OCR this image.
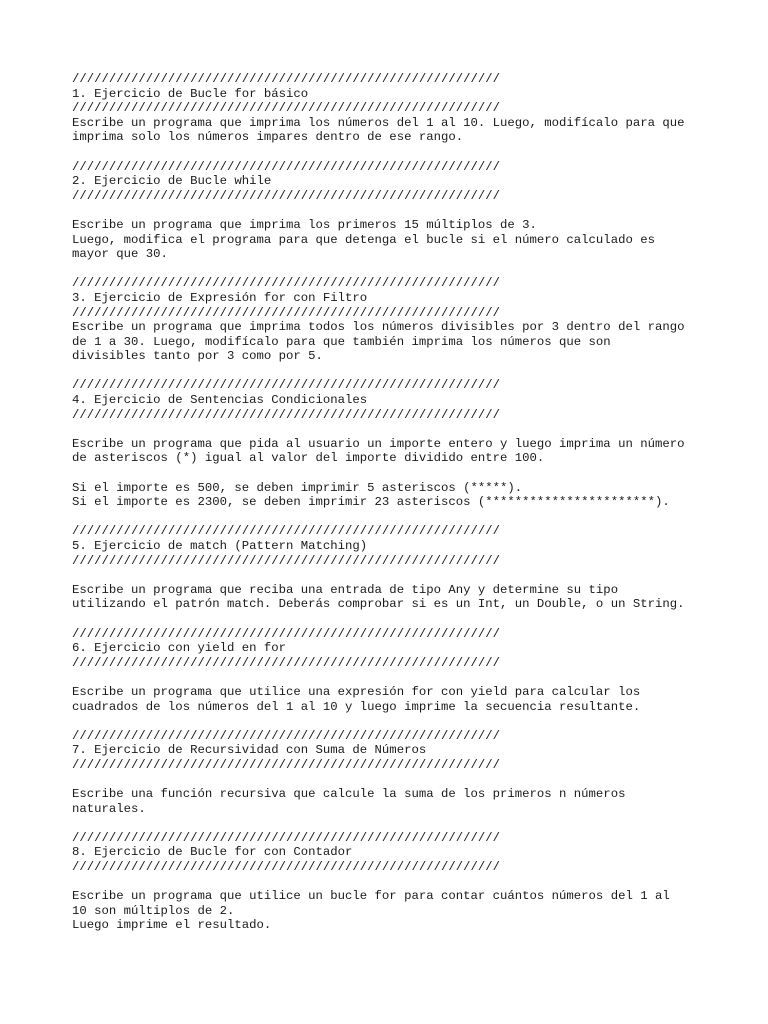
//////////////////////////////////////////////////////////
1. Ejercicio de Bucle for básico
//////////////////////////////////////////////////////////
Escribe un programa que imprima los números del 1 al 10. Luego, modifícalo para que
imprima solo los números impares dentro de ese rango.
//////////////////////////////////////////////////////////
2. Ejercicio de Bucle while
//////////////////////////////////////////////////////////
Escribe un programa que imprima los primeros 15 múltiplos de 3.
Luego, modifica el programa para que detenga el bucle si el número calculado es
mayor que 30.
//////////////////////////////////////////////////////////
3. Ejercicio de Expresión for con Filtro
//////////////////////////////////////////////////////////
Escribe un programa que imprima todos los números divisibles por 3 dentro del rango
de 1 a 30. Luego, modifícalo para que también imprima los números que son
divisibles tanto por 3 como por 5.
//////////////////////////////////////////////////////////
4. Ejercicio de Sentencias Condicionales
//////////////////////////////////////////////////////////
Escribe un programa que pida al usuario un importe entero y luego imprima un número
de asteriscos (*) igual al valor del importe dividido entre 100.
Si el importe es 500, se deben imprimir 5 asteriscos (*****).
Si el importe es 2300, se deben imprimir 23 asteriscos (***********************).
//////////////////////////////////////////////////////////
5. Ejercicio de match (Pattern Matching)
//////////////////////////////////////////////////////////
Escribe un programa que reciba una entrada de tipo Any y determine su tipo
utilizando el patrón match. Deberás comprobar si es un Int, un Double, o un String.
//////////////////////////////////////////////////////////
6. Ejercicio con yield en for
//////////////////////////////////////////////////////////
Escribe un programa que utilice una expresión for con yield para calcular los
cuadrados de los números del 1 al 10 y luego imprime la secuencia resultante.
//////////////////////////////////////////////////////////
7. Ejercicio de Recursividad con Suma de Números
//////////////////////////////////////////////////////////
Escribe una función recursiva que calcule la suma de los primeros n números
naturales.
//////////////////////////////////////////////////////////
8. Ejercicio de Bucle for con Contador
//////////////////////////////////////////////////////////
Escribe un programa que utilice un bucle for para contar cuántos números del 1 al
10 son múltiplos de 2.
Luego imprime el resultado.
